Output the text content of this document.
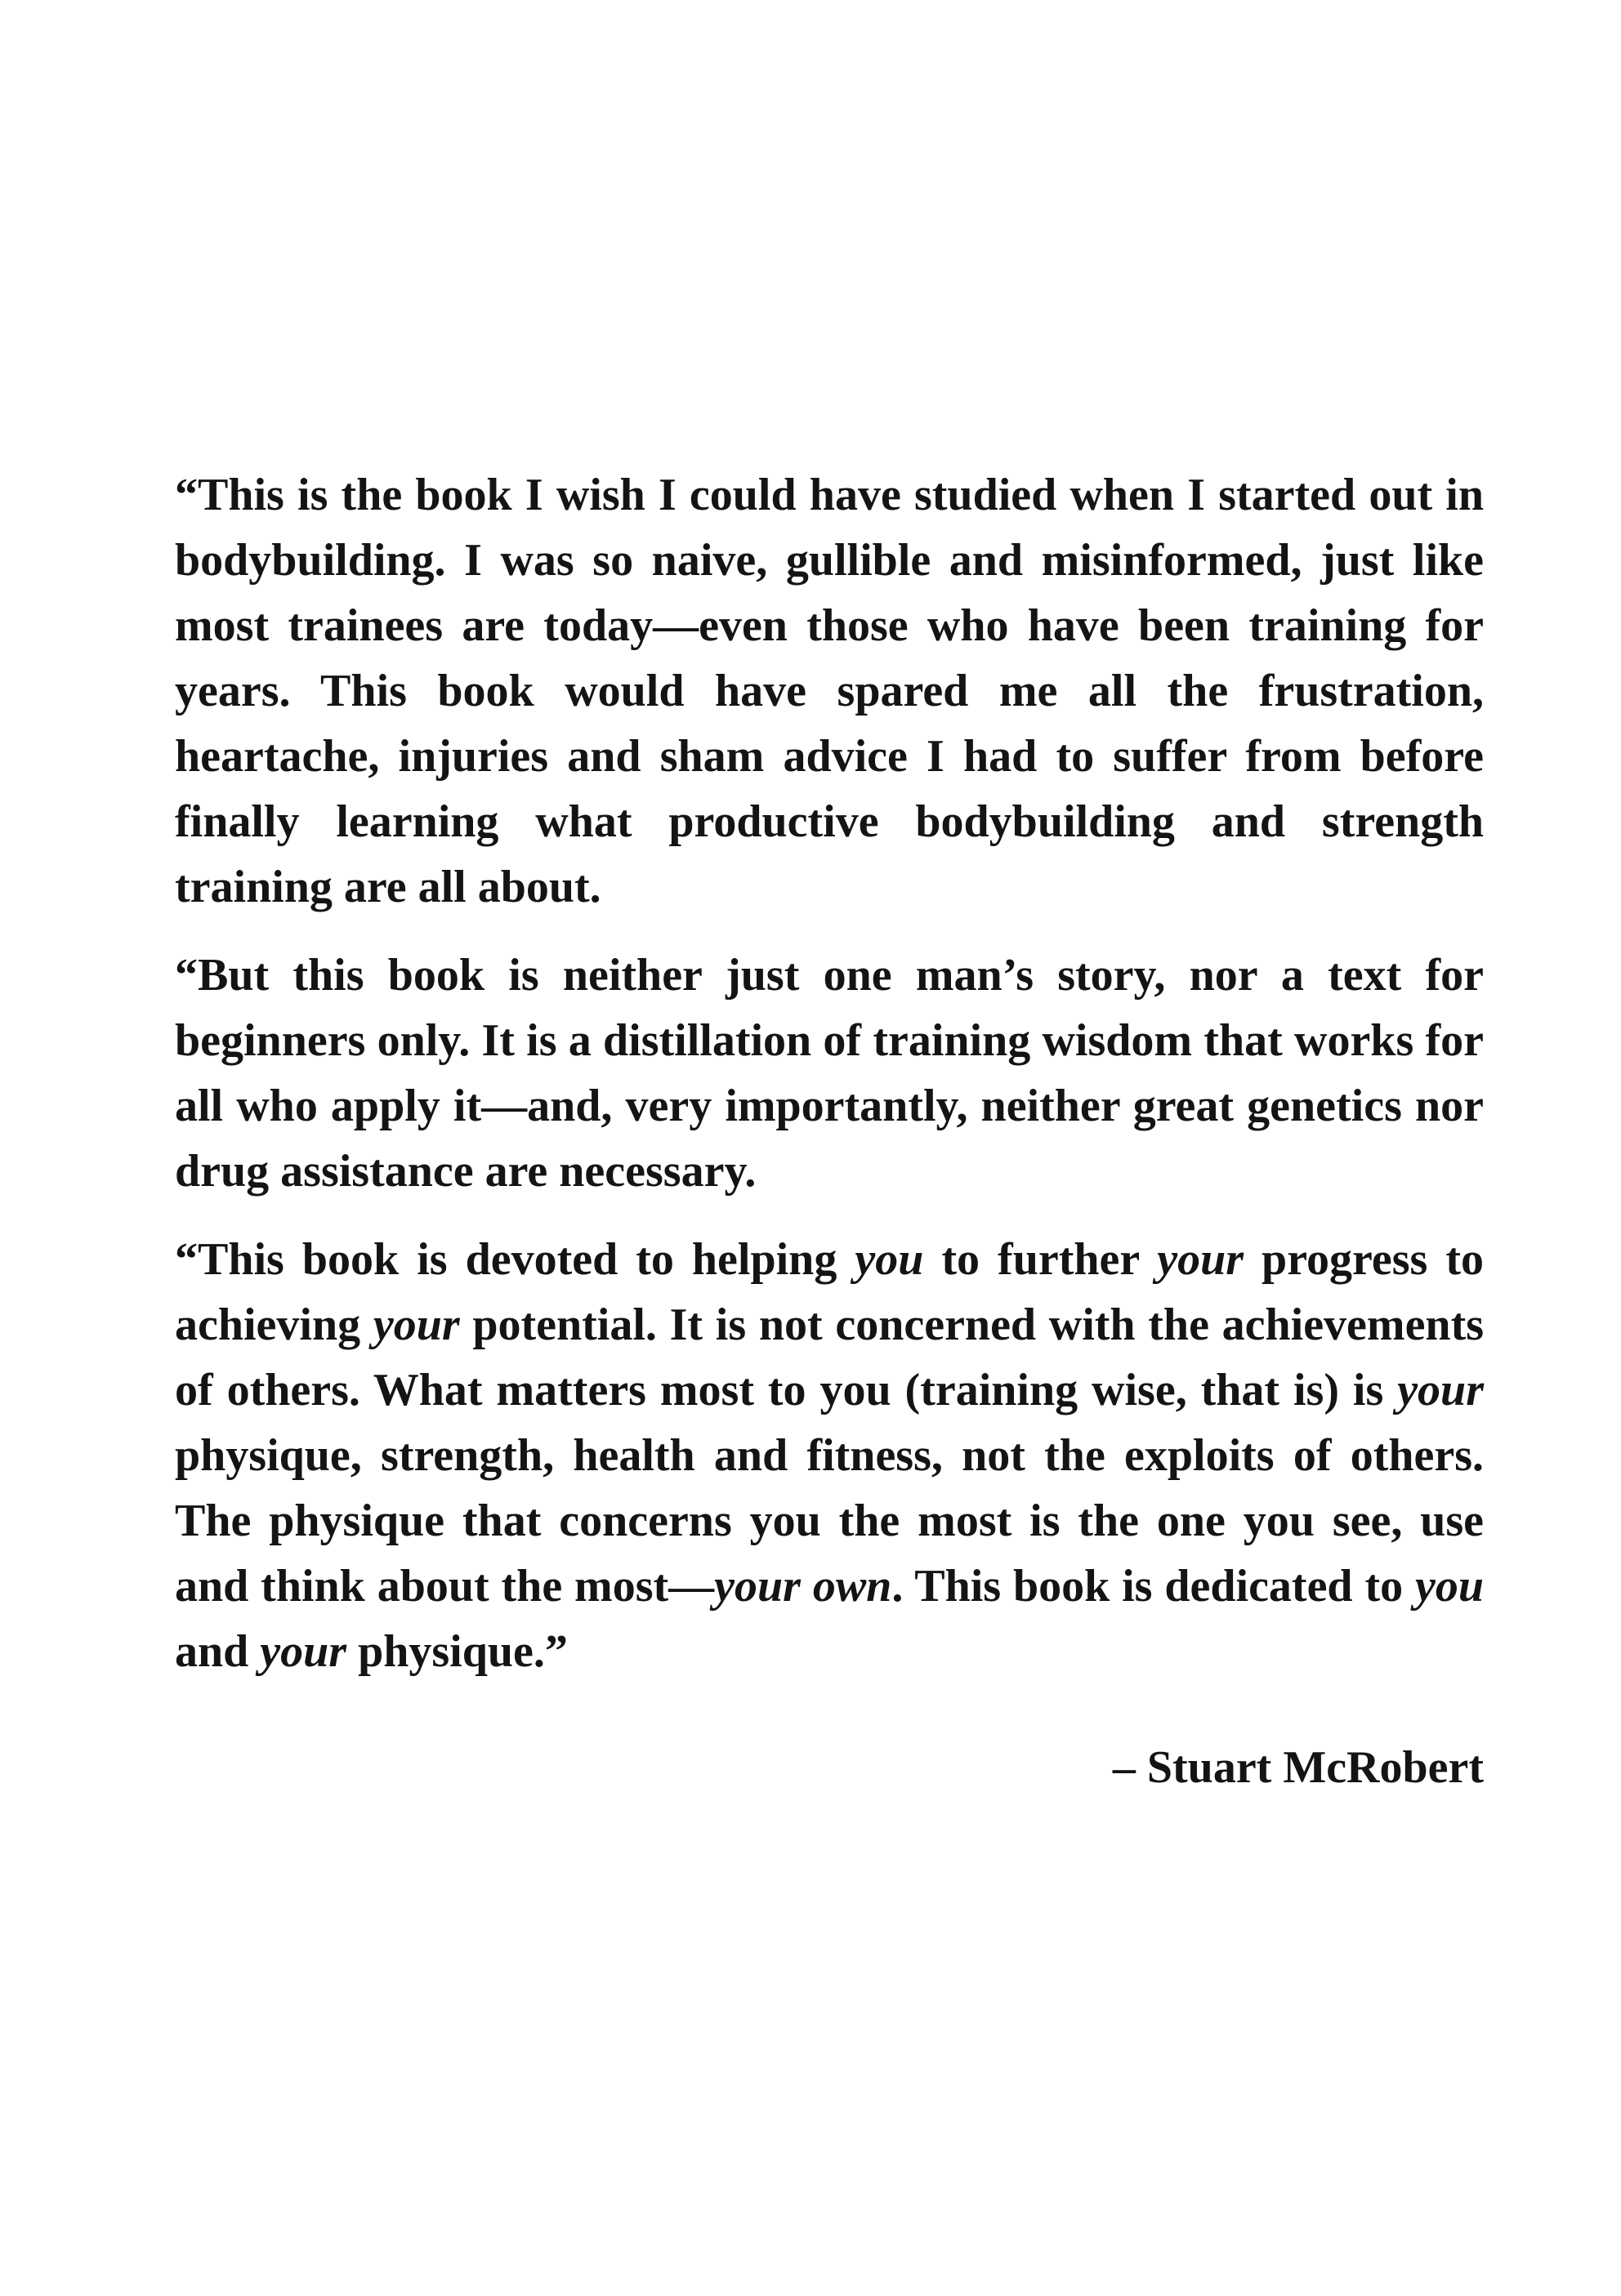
“This is the book I wish I could have studied when I started out in bodybuilding. I was so naive, gullible and misinformed, just like most trainees are today—even those who have been training for years. This book would have spared me all the frustration, heartache, injuries and sham advice I had to suffer from before finally learning what productive bodybuilding and strength training are all about.

“But this book is neither just one man’s story, nor a text for beginners only. It is a distillation of training wisdom that works for all who apply it—and, very importantly, neither great genetics nor drug assistance are necessary.

“This book is devoted to helping you to further your progress to achieving your potential. It is not concerned with the achievements of others. What matters most to you (training wise, that is) is your physique, strength, health and fitness, not the exploits of others. The physique that concerns you the most is the one you see, use and think about the most—your own. This book is dedicated to you and your physique.”

– Stuart McRobert
